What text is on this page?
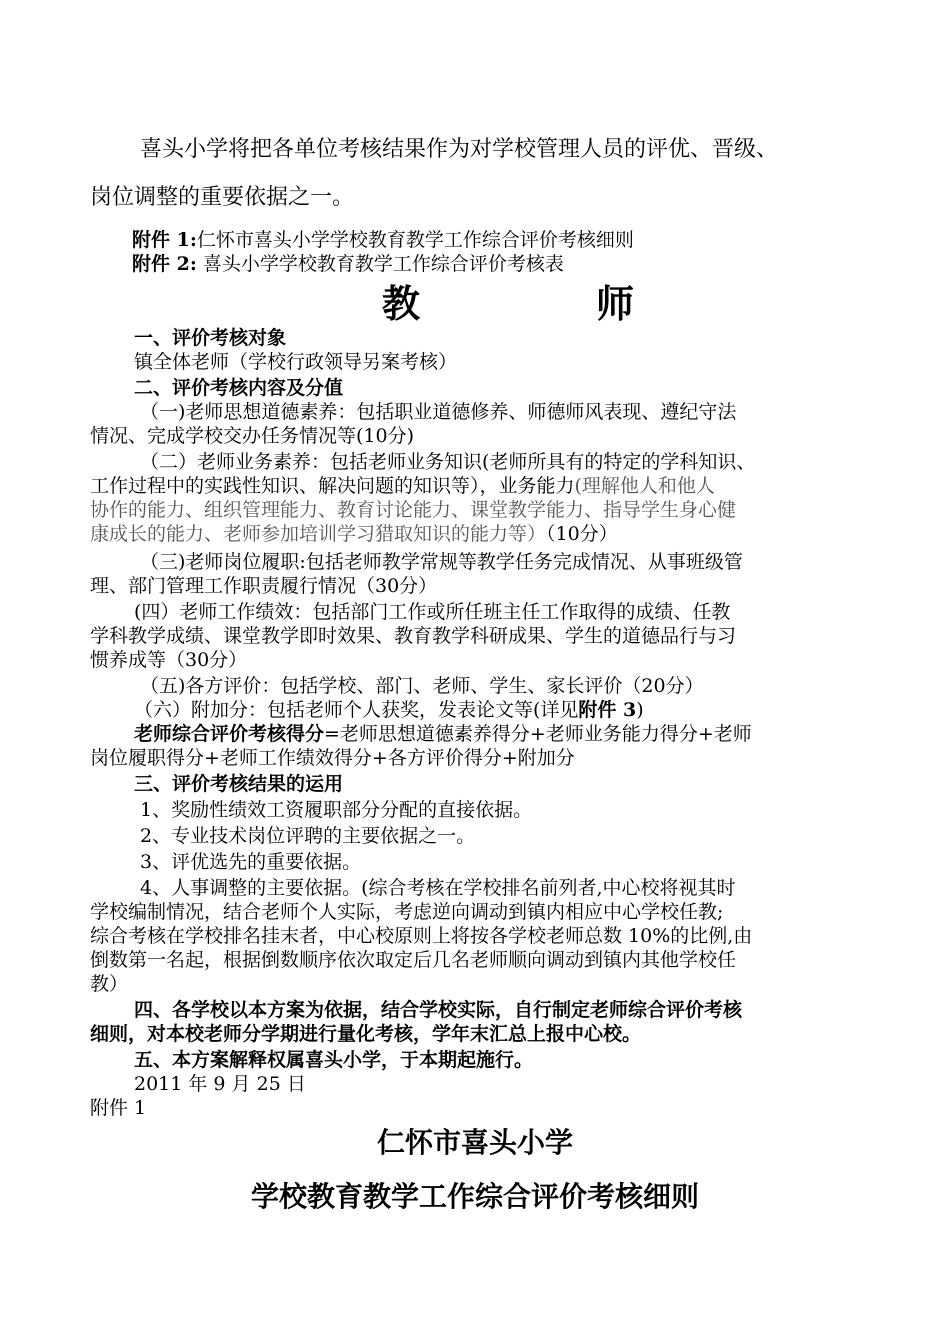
喜头小学将把各单位考核结果作为对学校管理人员的评优、晋级、
岗位调整的重要依据之一。
附件 1:仁怀市喜头小学学校教育教学工作综合评价考核细则
附件 2: 喜头小学学校教育教学工作综合评价考核表
教	师
一、评价考核对象
镇全体老师（学校行政领导另案考核）
二、评价考核内容及分值
（一)老师思想道德素养：包括职业道德修养、师德师风表现、遵纪守法
情况、完成学校交办任务情况等(10分)
（二）老师业务素养：包括老师业务知识(老师所具有的特定的学科知识、
工作过程中的实践性知识、解决问题的知识等），业务能力(理解他人和他人
协作的能力、组织管理能力、教育讨论能力、课堂教学能力、指导学生身心健
康成长的能力、老师参加培训学习猎取知识的能力等）（10分）
（三)老师岗位履职:包括老师教学常规等教学任务完成情况、从事班级管
理、部门管理工作职责履行情况（30分）
(四）老师工作绩效：包括部门工作或所任班主任工作取得的成绩、任教
学科教学成绩、课堂教学即时效果、教育教学科研成果、学生的道德品行与习
惯养成等（30分）
（五)各方评价：包括学校、部门、老师、学生、家长评价（20分）
（六）附加分：包括老师个人获奖，发表论文等(详见附件 3)
老师综合评价考核得分=老师思想道德素养得分+老师业务能力得分+老师
岗位履职得分+老师工作绩效得分+各方评价得分+附加分
三、评价考核结果的运用
1、奖励性绩效工资履职部分分配的直接依据。
2、专业技术岗位评聘的主要依据之一。
3、评优选先的重要依据。
4、人事调整的主要依据。(综合考核在学校排名前列者,中心校将视其时
学校编制情况，结合老师个人实际，考虑逆向调动到镇内相应中心学校任教;
综合考核在学校排名挂末者，中心校原则上将按各学校老师总数 10%的比例,由
倒数第一名起，根据倒数顺序依次取定后几名老师顺向调动到镇内其他学校任
教）
四、各学校以本方案为依据，结合学校实际，自行制定老师综合评价考核
细则，对本校老师分学期进行量化考核，学年末汇总上报中心校。
五、本方案解释权属喜头小学，于本期起施行。
2011 年 9 月 25 日
附件 1
仁怀市喜头小学
学校教育教学工作综合评价考核细则
